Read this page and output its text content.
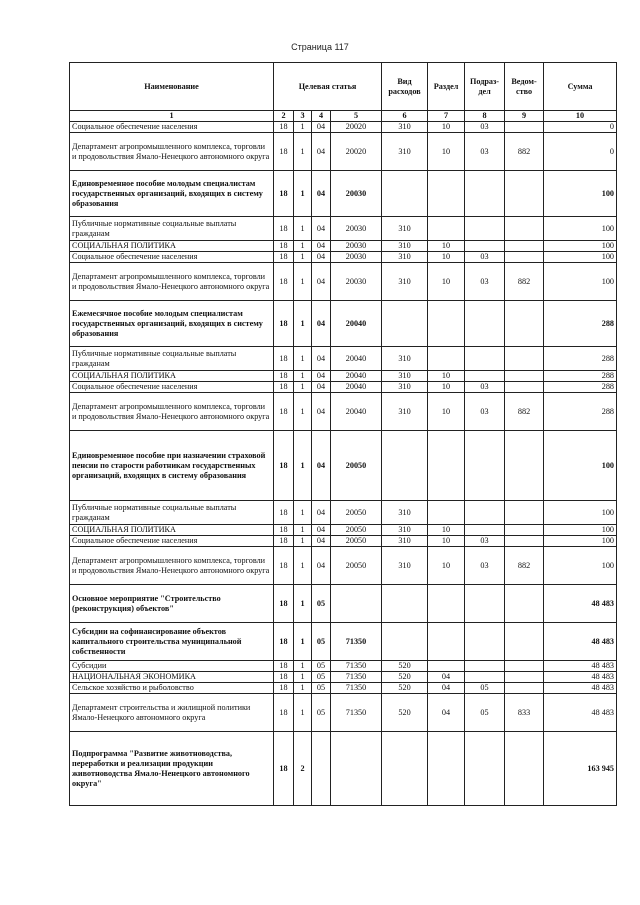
Страница 117
Наименование	Целевая статья				Вид расходов	Раздел	Подраз-дел	Ведом-ство	Сумма
1	2	3	4	5	6	7	8	9	10
Социальное обеспечение населения	18	1	04	20020	310	10	03		0
Департамент агропромышленного комплекса, торговли и продовольствия Ямало-Ненецкого автономного округа	18	1	04	20020	310	10	03	882	0
Единовременное пособие молодым специалистам государственных организаций, входящих в систему образования	18	1	04	20030					100
Публичные нормативные социальные выплаты гражданам	18	1	04	20030	310				100
СОЦИАЛЬНАЯ ПОЛИТИКА	18	1	04	20030	310	10			100
Социальное обеспечение населения	18	1	04	20030	310	10	03		100
Департамент агропромышленного комплекса, торговли и продовольствия Ямало-Ненецкого автономного округа	18	1	04	20030	310	10	03	882	100
Ежемесячное пособие молодым специалистам государственных организаций, входящих в систему образования	18	1	04	20040					288
Публичные нормативные социальные выплаты гражданам	18	1	04	20040	310				288
СОЦИАЛЬНАЯ ПОЛИТИКА	18	1	04	20040	310	10			288
Социальное обеспечение населения	18	1	04	20040	310	10	03		288
Департамент агропромышленного комплекса, торговли и продовольствия Ямало-Ненецкого автономного округа	18	1	04	20040	310	10	03	882	288
Единовременное пособие при назначении страховой пенсии по старости работникам государственных организаций, входящих в систему образования	18	1	04	20050					100
Публичные нормативные социальные выплаты гражданам	18	1	04	20050	310				100
СОЦИАЛЬНАЯ ПОЛИТИКА	18	1	04	20050	310	10			100
Социальное обеспечение населения	18	1	04	20050	310	10	03		100
Департамент агропромышленного комплекса, торговли и продовольствия Ямало-Ненецкого автономного округа	18	1	04	20050	310	10	03	882	100
Основное мероприятие "Строительство (реконструкция) объектов"	18	1	05						48 483
Субсидии на софинансирование объектов капитального строительства муниципальной собственности	18	1	05	71350					48 483
Субсидии	18	1	05	71350	520				48 483
НАЦИОНАЛЬНАЯ ЭКОНОМИКА	18	1	05	71350	520	04			48 483
Сельское хозяйство и рыболовство	18	1	05	71350	520	04	05		48 483
Департамент строительства и жилищной политики Ямало-Ненецкого автономного округа	18	1	05	71350	520	04	05	833	48 483
Подпрограмма "Развитие животноводства, переработки и реализации продукции животноводства Ямало-Ненецкого автономного округа"	18	2							163 945
